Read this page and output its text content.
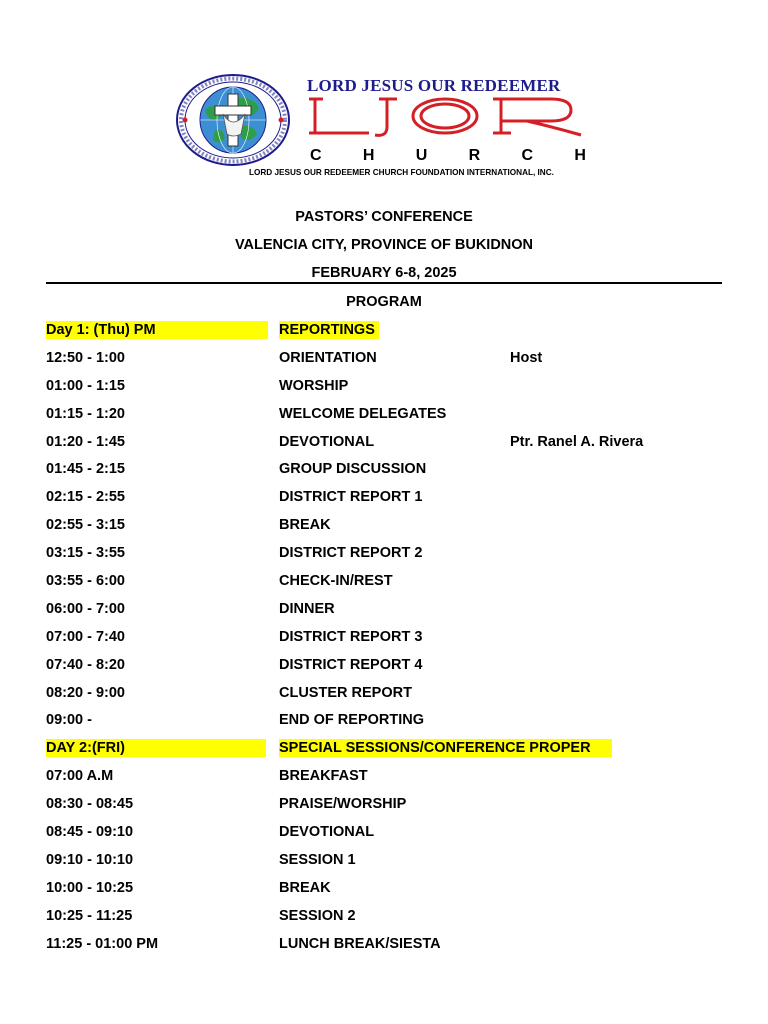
LORD JESUS OUR REDEEMER
LJOR
C	H	U	R	C	H
LORD JESUS OUR REDEEMER CHURCH FOUNDATION INTERNATIONAL, INC.
PASTORS’ CONFERENCE
VALENCIA CITY, PROVINCE OF BUKIDNON
FEBRUARY 6-8, 2025
PROGRAM
Day 1: (Thu) PM	REPORTINGS
12:50 - 1:00	ORIENTATION	Host
01:00 - 1:15	WORSHIP
01:15 - 1:20	WELCOME DELEGATES
01:20 - 1:45	DEVOTIONAL	Ptr. Ranel A. Rivera
01:45 - 2:15	GROUP DISCUSSION
02:15 - 2:55	DISTRICT REPORT 1
02:55 - 3:15	BREAK
03:15 - 3:55	DISTRICT REPORT 2
03:55 - 6:00	CHECK-IN/REST
06:00 - 7:00	DINNER
07:00 - 7:40	DISTRICT REPORT 3
07:40 - 8:20	DISTRICT REPORT 4
08:20 - 9:00	CLUSTER REPORT
09:00 -	END OF REPORTING
DAY 2:(FRI)	SPECIAL SESSIONS/CONFERENCE PROPER
07:00 A.M	BREAKFAST
08:30 - 08:45	PRAISE/WORSHIP
08:45 - 09:10	DEVOTIONAL
09:10 - 10:10	SESSION 1
10:00 - 10:25	BREAK
10:25 - 11:25	SESSION 2
11:25 - 01:00 PM	LUNCH BREAK/SIESTA
